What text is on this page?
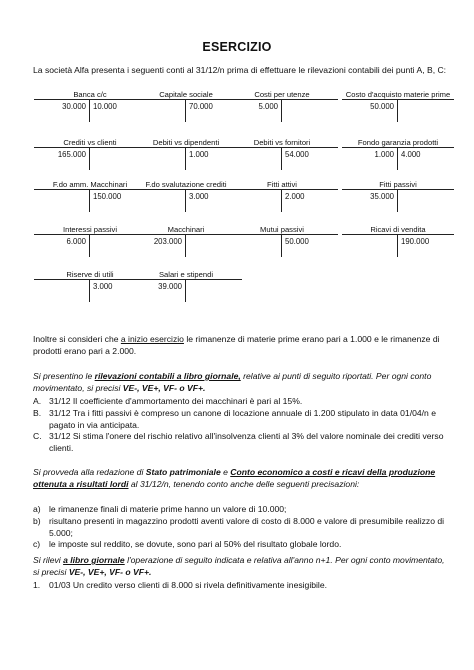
ESERCIZIO
La società Alfa presenta i seguenti conti al 31/12/n prima di effettuare le rilevazioni contabili dei punti A, B, C:
Banca c/c
30.000 10.000
Capitale sociale
70.000
Costi per utenze
5.000
Costo d'acquisto materie prime
50.000
Crediti vs clienti
165.000
Debiti vs dipendenti
1.000
Debiti vs fornitori
54.000
Fondo garanzia prodotti
1.000 4.000
F.do amm. Macchinari
150.000
F.do svalutazione crediti
3.000
Fitti attivi
2.000
Fitti passivi
35.000
Interessi passivi
6.000
Macchinari
203.000
Mutui passivi
50.000
Ricavi di vendita
190.000
Riserve di utili
3.000
Salari e stipendi
39.000
Inoltre si consideri che a inizio esercizio le rimanenze di materie prime erano pari a 1.000 e le rimanenze di prodotti erano pari a 2.000.
Si presentino le rilevazioni contabili a libro giornale, relative ai punti di seguito riportati. Per ogni conto movimentato, si precisi VE-, VE+, VF- o VF+.
A. 31/12 Il coefficiente d'ammortamento dei macchinari è pari al 15%.
B. 31/12 Tra i fitti passivi è compreso un canone di locazione annuale di 1.200 stipulato in data 01/04/n e pagato in via anticipata.
C. 31/12 Si stima l'onere del rischio relativo all'insolvenza clienti al 3% del valore nominale dei crediti verso clienti.
Si provveda alla redazione di Stato patrimoniale e Conto economico a costi e ricavi della produzione ottenuta a risultati lordi al 31/12/n, tenendo conto anche delle seguenti precisazioni:
a) le rimanenze finali di materie prime hanno un valore di 10.000;
b) risultano presenti in magazzino prodotti aventi valore di costo di 8.000 e valore di presumibile realizzo di 5.000;
c) le imposte sul reddito, se dovute, sono pari al 50% del risultato globale lordo.
Si rilevi a libro giornale l'operazione di seguito indicata e relativa all'anno n+1. Per ogni conto movimentato, si precisi VE-, VE+, VF- o VF+.
1. 01/03 Un credito verso clienti di 8.000 si rivela definitivamente inesigibile.
